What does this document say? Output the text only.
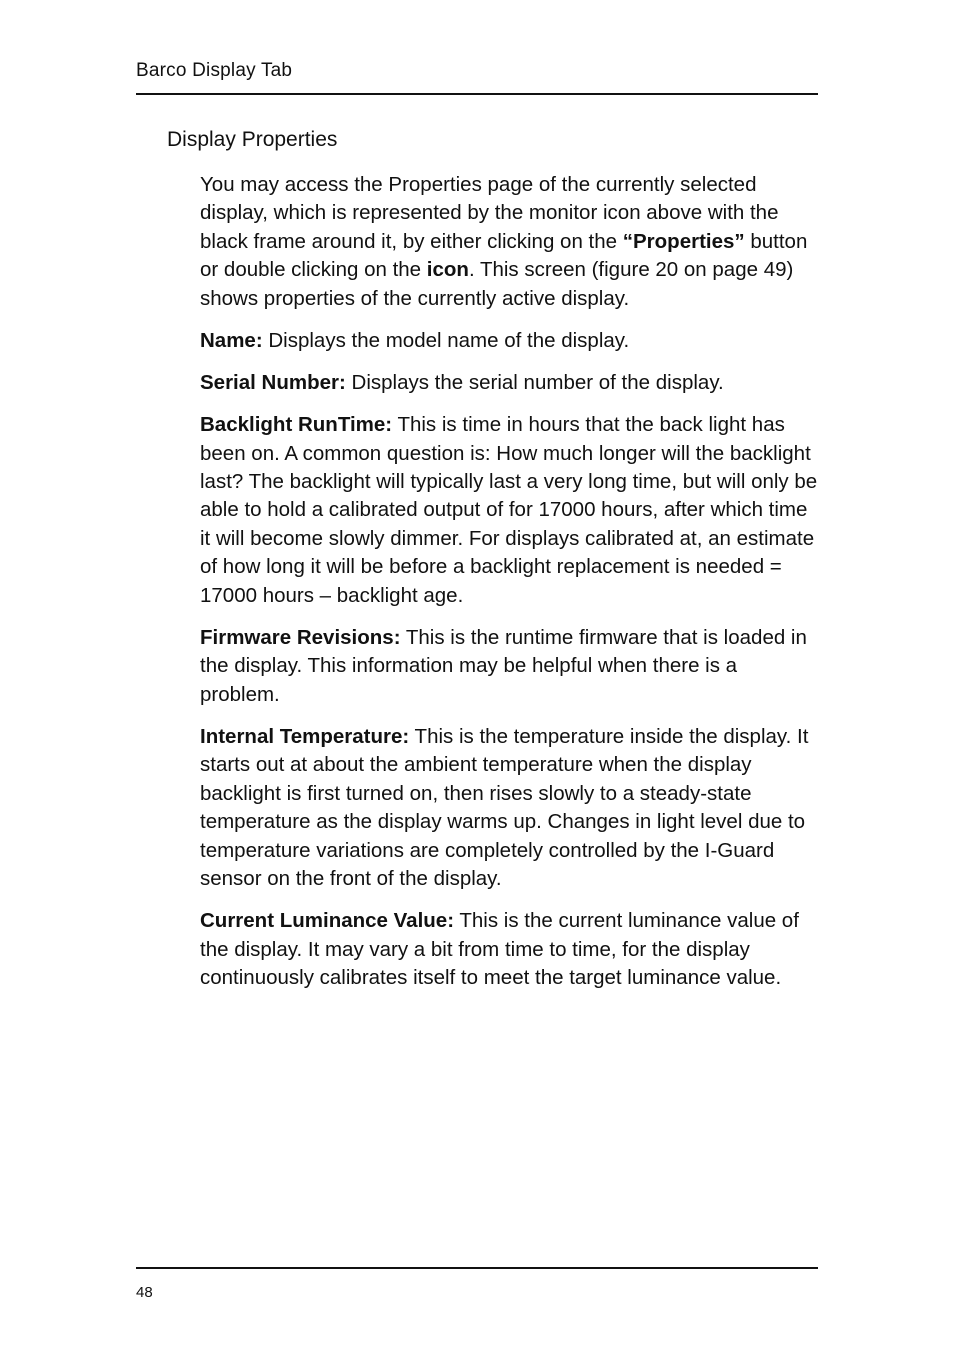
Barco Display Tab
Display Properties

You may access the Properties page of the currently selected display, which is represented by the monitor icon above with the black frame around it, by either clicking on the “Properties” button or double clicking on the icon. This screen (figure 20 on page 49) shows properties of the currently active display.

Name: Displays the model name of the display.

Serial Number: Displays the serial number of the display.

Backlight RunTime: This is time in hours that the back light has been on. A common question is: How much longer will the backlight last? The backlight will typically last a very long time, but will only be able to hold a calibrated output of for 17000 hours, after which time it will become slowly dimmer. For displays calibrated at, an estimate of how long it will be before a backlight replacement is needed = 17000 hours – backlight age.

Firmware Revisions: This is the runtime firmware that is loaded in the display. This information may be helpful when there is a problem.

Internal Temperature: This is the temperature inside the display. It starts out at about the ambient temperature when the display backlight is first turned on, then rises slowly to a steady-state temperature as the display warms up. Changes in light level due to temperature variations are completely controlled by the I-Guard sensor on the front of the display.

Current Luminance Value: This is the current luminance value of the display. It may vary a bit from time to time, for the display continuously calibrates itself to meet the target luminance value.

48
